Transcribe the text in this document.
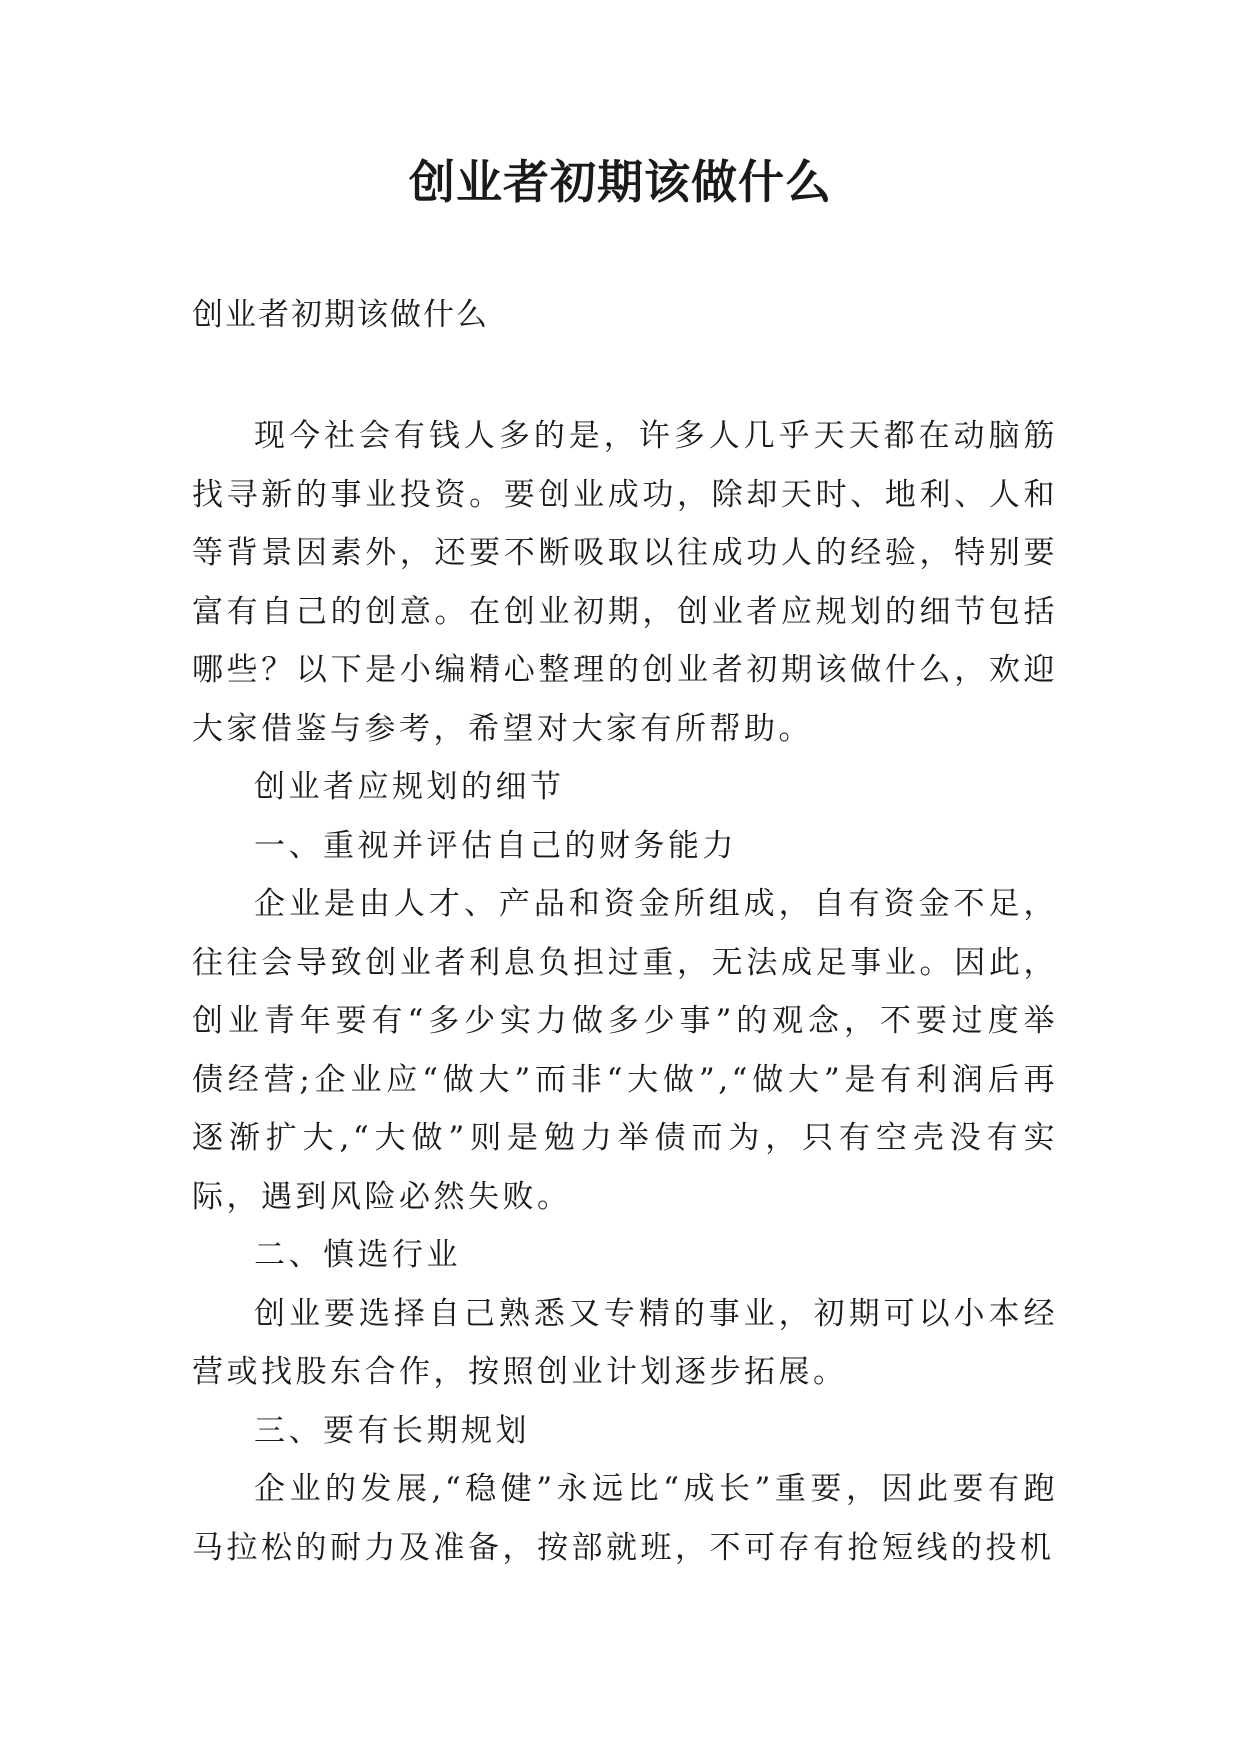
创业者初期该做什么

创业者初期该做什么

现今社会有钱人多的是，许多人几乎天天都在动脑筋找寻新的事业投资。要创业成功，除却天时、地利、人和等背景因素外，还要不断吸取以往成功人的经验，特别要富有自己的创意。在创业初期，创业者应规划的细节包括哪些？以下是小编精心整理的创业者初期该做什么，欢迎大家借鉴与参考，希望对大家有所帮助。

创业者应规划的细节

一、重视并评估自己的财务能力

企业是由人才、产品和资金所组成，自有资金不足，往往会导致创业者利息负担过重，无法成足事业。因此，创业青年要有“多少实力做多少事”的观念，不要过度举债经营;企业应“做大”而非“大做”,“做大”是有利润后再逐渐扩大,“大做”则是勉力举债而为，只有空壳没有实际，遇到风险必然失败。

二、慎选行业

创业要选择自己熟悉又专精的事业，初期可以小本经营或找股东合作，按照创业计划逐步拓展。

三、要有长期规划

企业的发展,“稳健”永远比“成长”重要，因此要有跑马拉松的耐力及准备，按部就班，不可存有抢短线的投机
